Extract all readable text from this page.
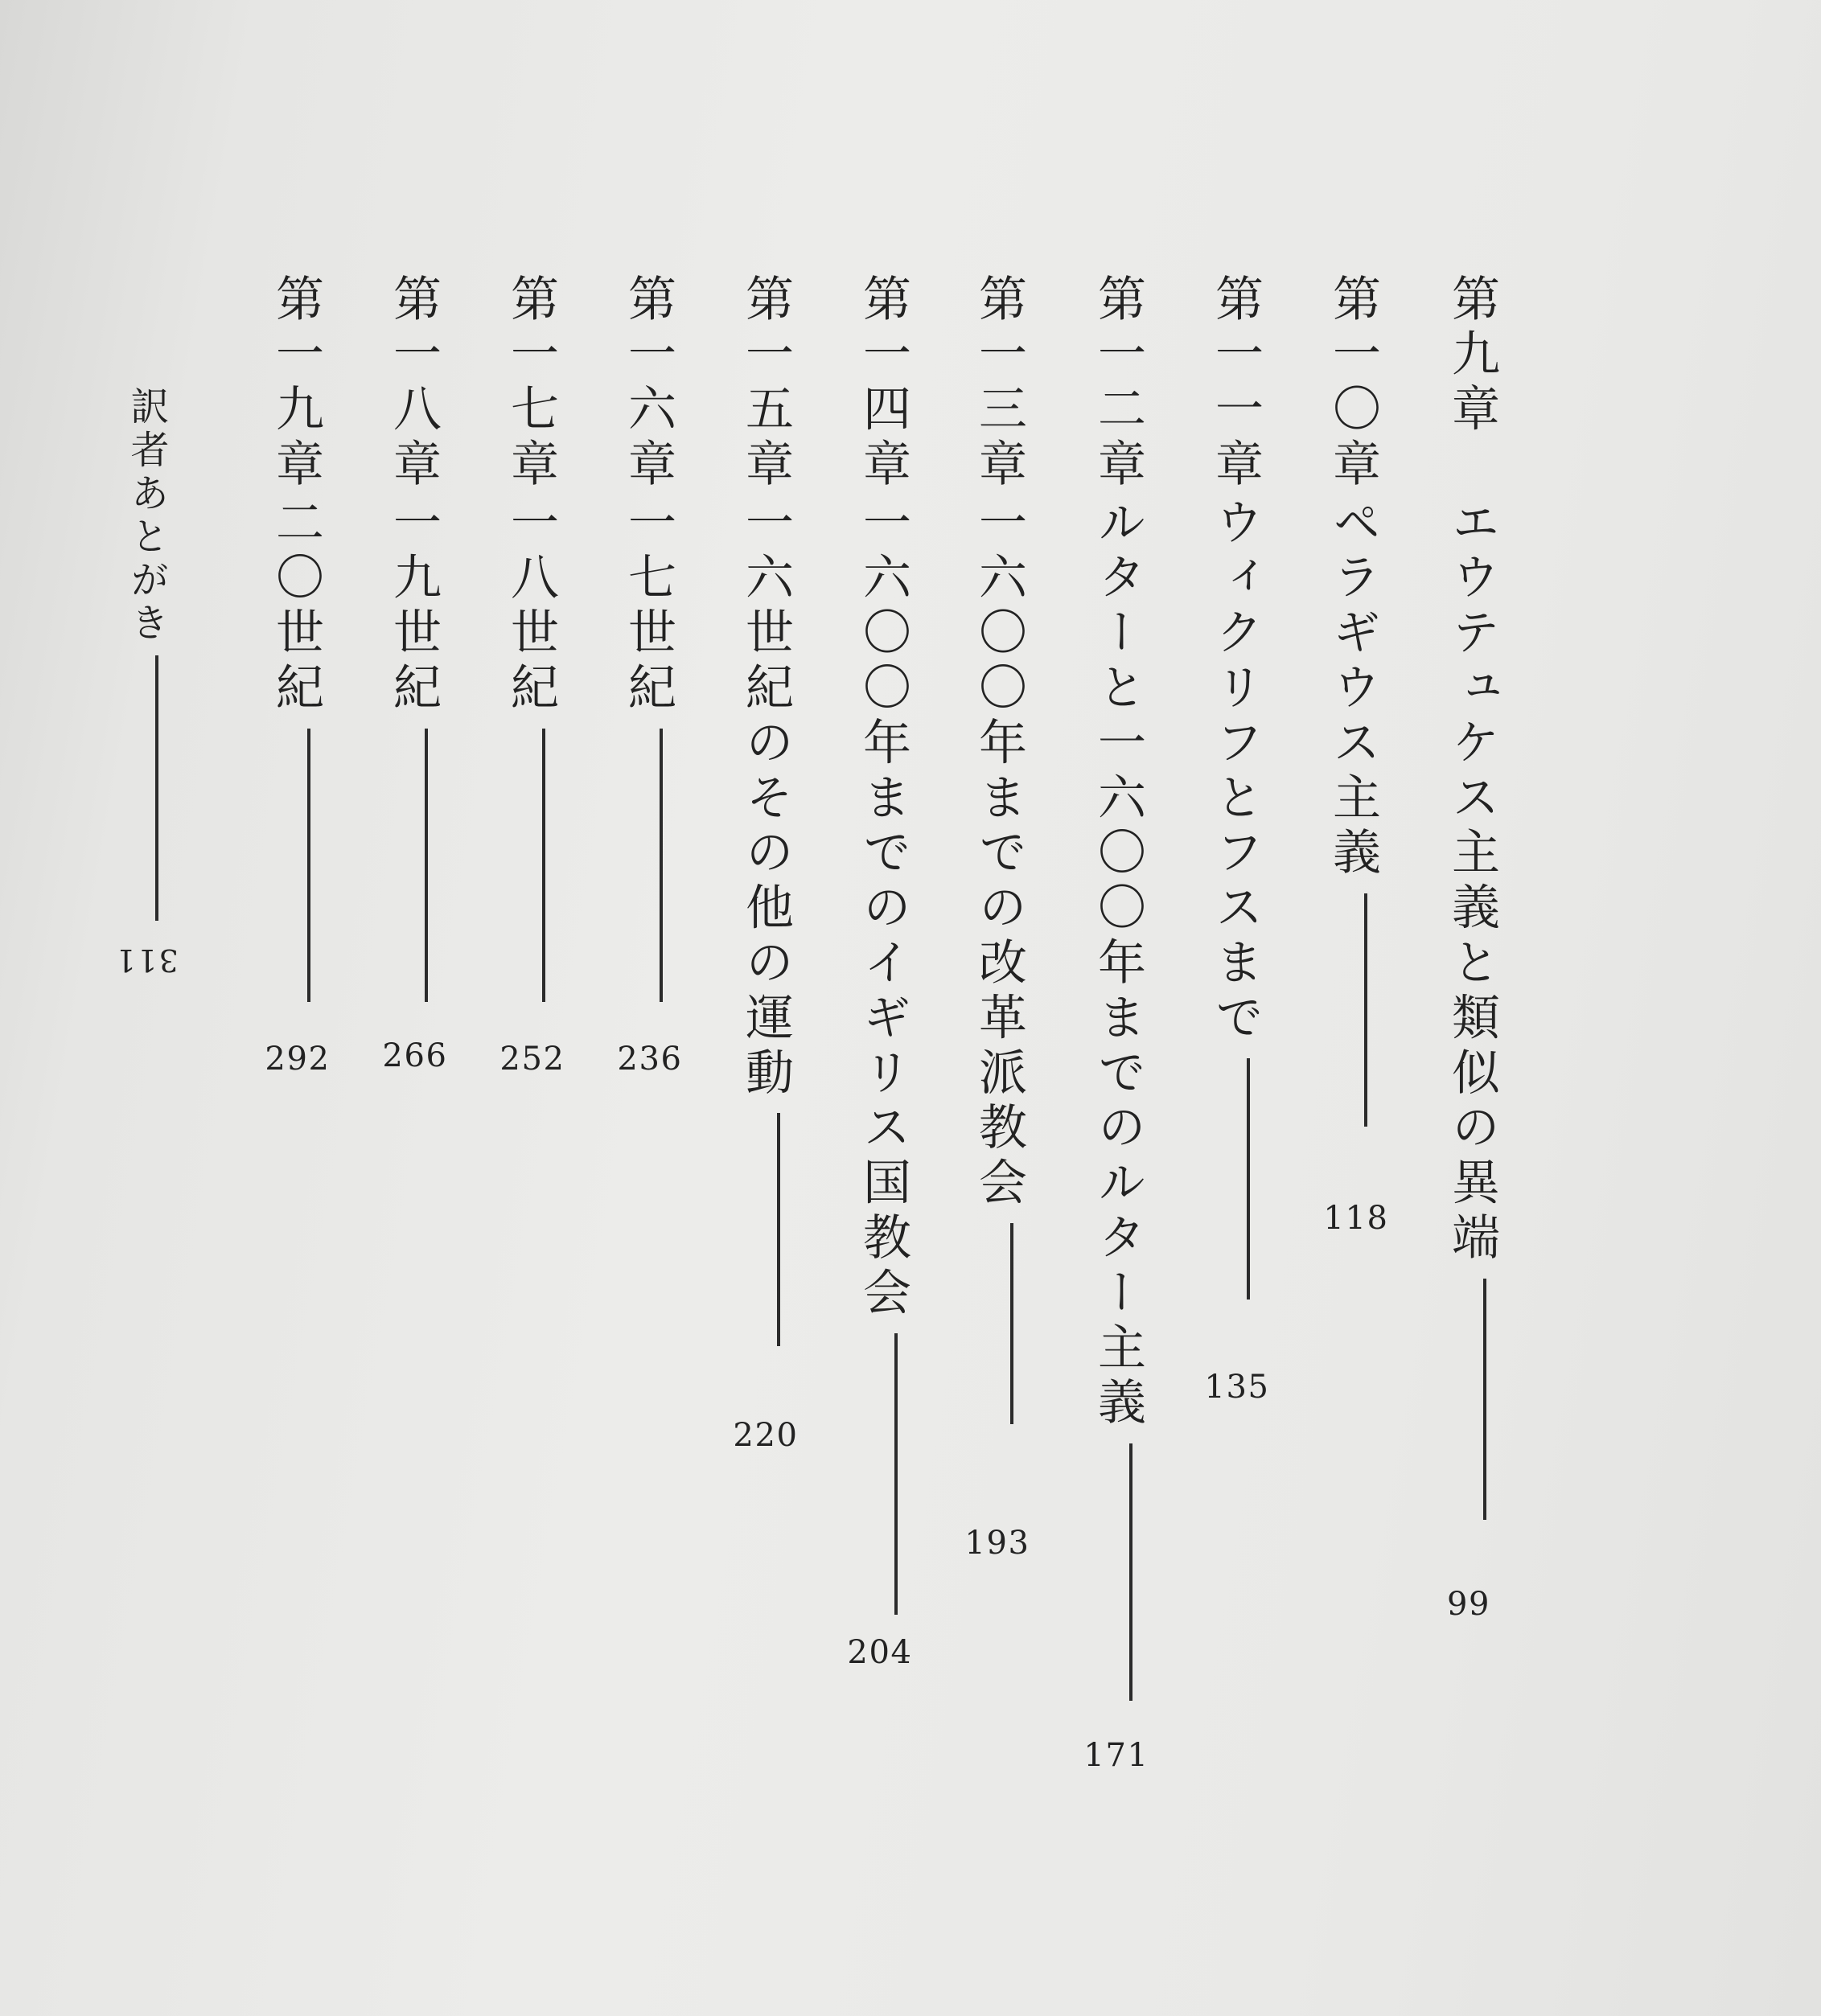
第九章エウテュケス主義と類似の異端
99
第一〇章ペラギウス主義
118
第一一章ウィクリフとフスまで
135
第一二章ルターと一六〇〇年までのルター主義
171
第一三章一六〇〇年までの改革派教会
193
第一四章一六〇〇年までのイギリス国教会
204
第一五章一六世紀のその他の運動
220
第一六章一七世紀
236
第一七章一八世紀
252
第一八章一九世紀
266
第一九章二〇世紀
292
訳者あとがき
311
